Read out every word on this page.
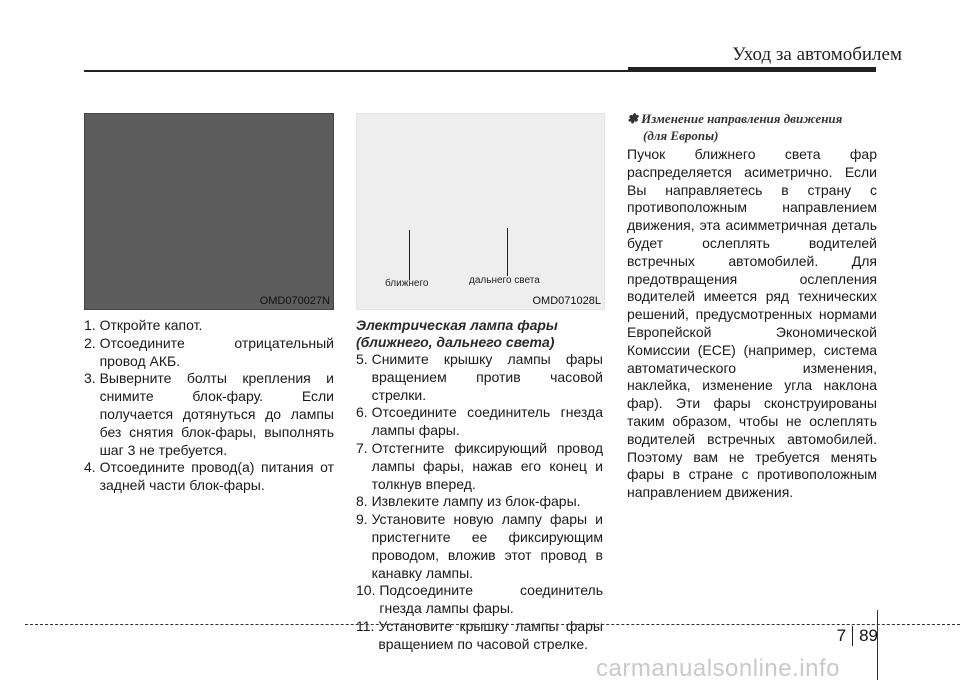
Уход за автомобилем
OMD070027N
ближнего	дальнего света
OMD071028L
1. Откройте капот.
2. Отсоедините отрицательный провод АКБ.
3. Выверните болты крепления и снимите блок-фару. Если получается дотянуться до лампы без снятия блок-фары, выполнять шаг 3 не требуется.
4. Отсоедините провод(а) питания от задней части блок-фары.
Электрическая лампа фары
(ближнего, дальнего света)
5. Снимите крышку лампы фары вращением против часовой стрелки.
6. Отсоедините соединитель гнезда лампы фары.
7. Отстегните фиксирующий провод лампы фары, нажав его конец и толкнув вперед.
8. Извлеките лампу из блок-фары.
9. Установите новую лампу фары и пристегните ее фиксирующим проводом, вложив этот провод в канавку лампы.
10. Подсоедините соединитель гнезда лампы фары.
11. Установите крышку лампы фары вращением по часовой стрелке.
✽ Изменение направления движения
(для Европы)
Пучок ближнего света фар распределяется асиметрично. Если Вы направляетесь в страну с противоположным направлением движения, эта асимметричная деталь будет ослеплять водителей встречных автомобилей. Для предотвращения ослепления водителей имеется ряд технических решений, предусмотренных нормами Европейской Экономической Комиссии (ECE) (например, система автоматического изменения, наклейка, изменение угла наклона фар). Эти фары сконструированы таким образом, чтобы не ослеплять водителей встречных автомобилей. Поэтому вам не требуется менять фары в стране с противоположным направлением движения.
7 89
carmanualsonline.info
